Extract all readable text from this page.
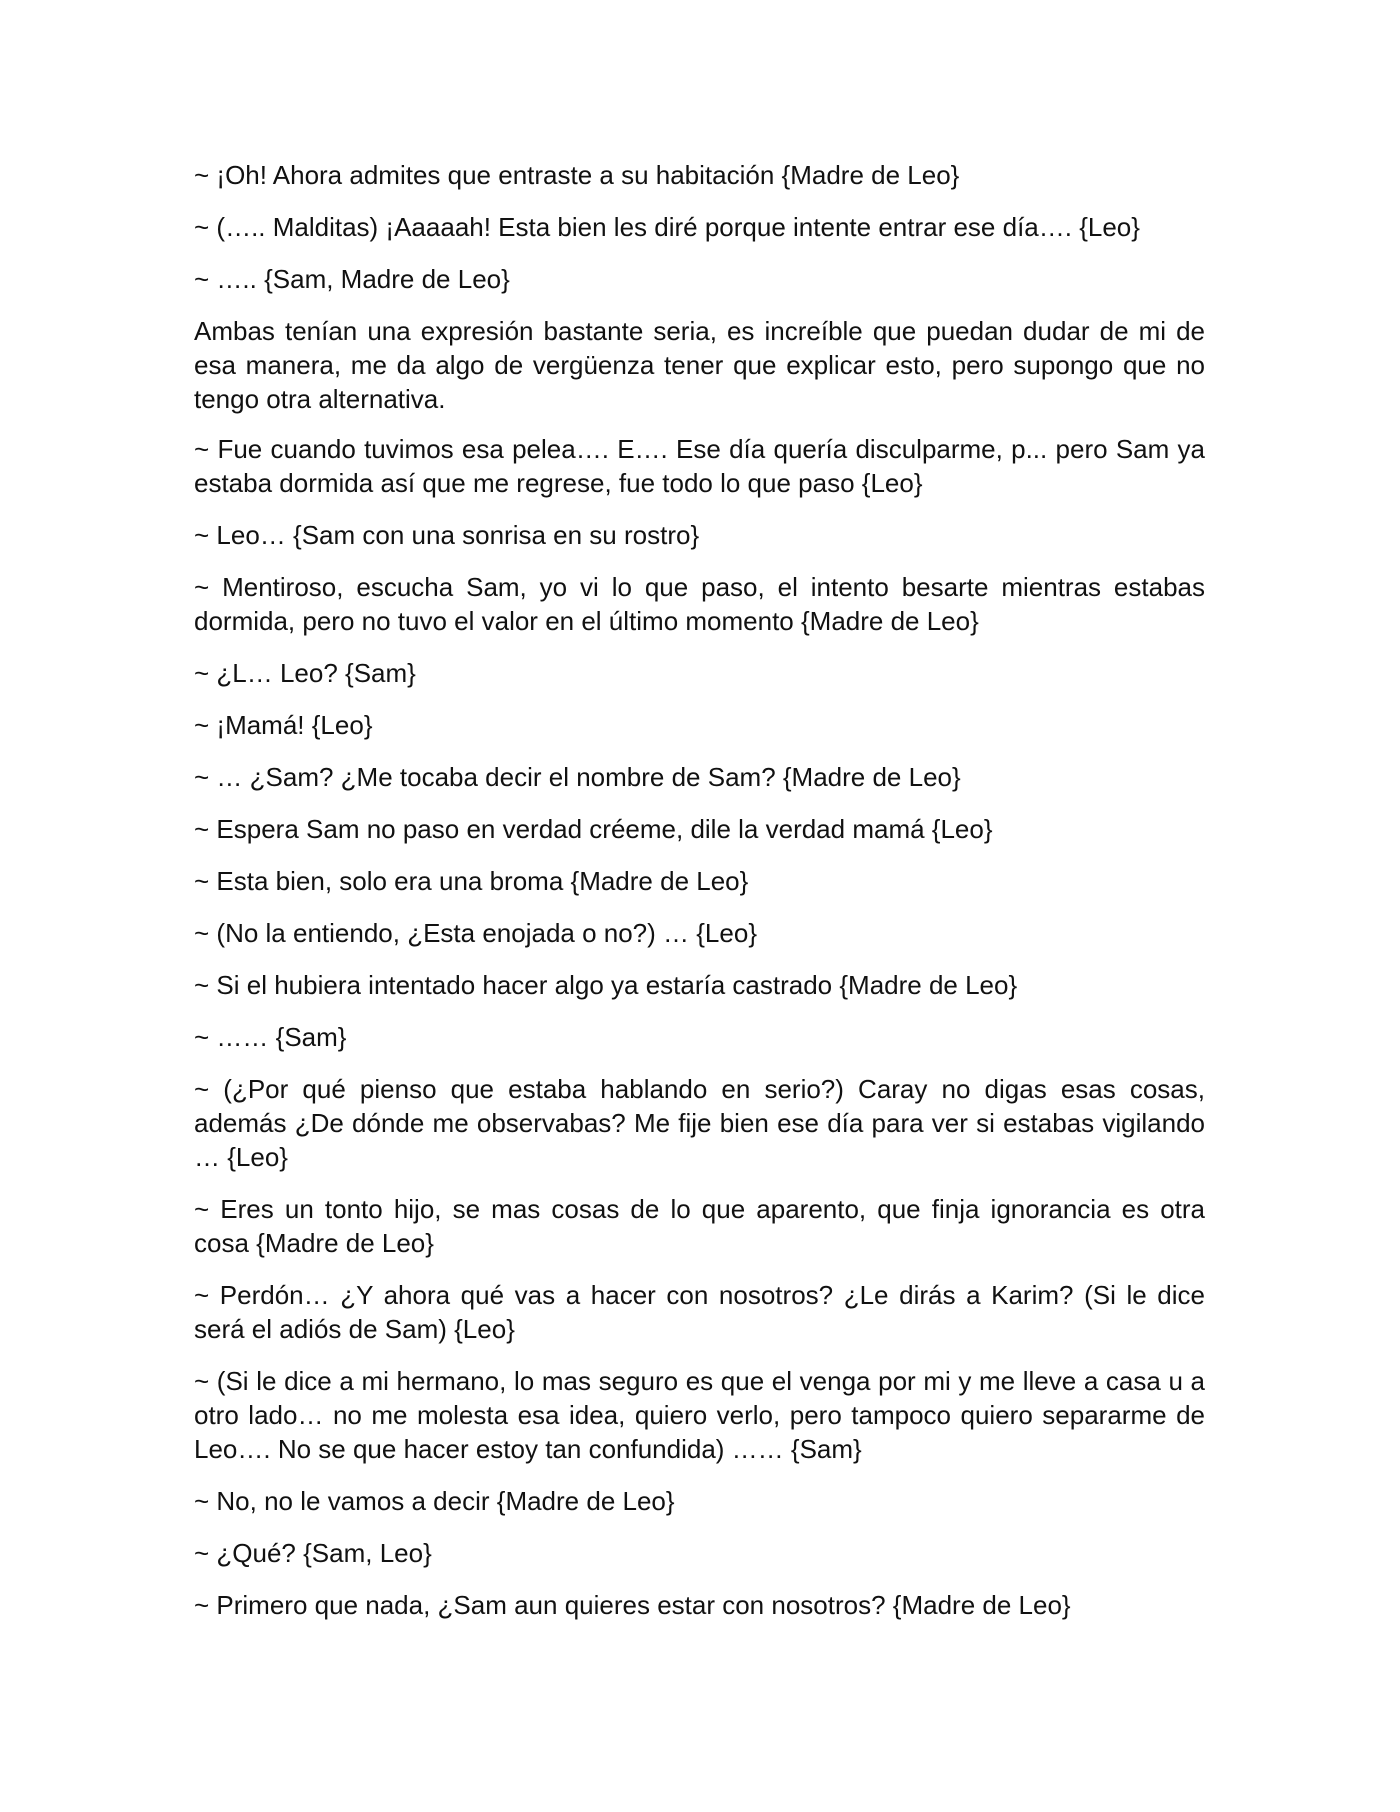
~ ¡Oh! Ahora admites que entraste a su habitación {Madre de Leo}

~ (….. Malditas) ¡Aaaaah! Esta bien les diré porque intente entrar ese día…. {Leo}

~ ….. {Sam, Madre de Leo}

Ambas tenían una expresión bastante seria, es increíble que puedan dudar de mi de esa manera, me da algo de vergüenza tener que explicar esto, pero supongo que no tengo otra alternativa.

~ Fue cuando tuvimos esa pelea…. E…. Ese día quería disculparme, p... pero Sam ya estaba dormida así que me regrese, fue todo lo que paso {Leo}

~ Leo… {Sam con una sonrisa en su rostro}

~ Mentiroso, escucha Sam, yo vi lo que paso, el intento besarte mientras estabas dormida, pero no tuvo el valor en el último momento {Madre de Leo}

~ ¿L… Leo? {Sam}

~ ¡Mamá! {Leo}

~ … ¿Sam? ¿Me tocaba decir el nombre de Sam? {Madre de Leo}

~ Espera Sam no paso en verdad créeme, dile la verdad mamá {Leo}

~ Esta bien, solo era una broma {Madre de Leo}

~ (No la entiendo, ¿Esta enojada o no?) … {Leo}

~ Si el hubiera intentado hacer algo ya estaría castrado {Madre de Leo}

~ …… {Sam}

~ (¿Por qué pienso que estaba hablando en serio?) Caray no digas esas cosas, además ¿De dónde me observabas? Me fije bien ese día para ver si estabas vigilando … {Leo}

~ Eres un tonto hijo, se mas cosas de lo que aparento, que finja ignorancia es otra cosa {Madre de Leo}

~ Perdón… ¿Y ahora qué vas a hacer con nosotros? ¿Le dirás a Karim? (Si le dice será el adiós de Sam) {Leo}

~ (Si le dice a mi hermano, lo mas seguro es que el venga por mi y me lleve a casa u a otro lado… no me molesta esa idea, quiero verlo, pero tampoco quiero separarme de Leo…. No se que hacer estoy tan confundida) …… {Sam}

~ No, no le vamos a decir {Madre de Leo}

~ ¿Qué? {Sam, Leo}

~ Primero que nada, ¿Sam aun quieres estar con nosotros? {Madre de Leo}
